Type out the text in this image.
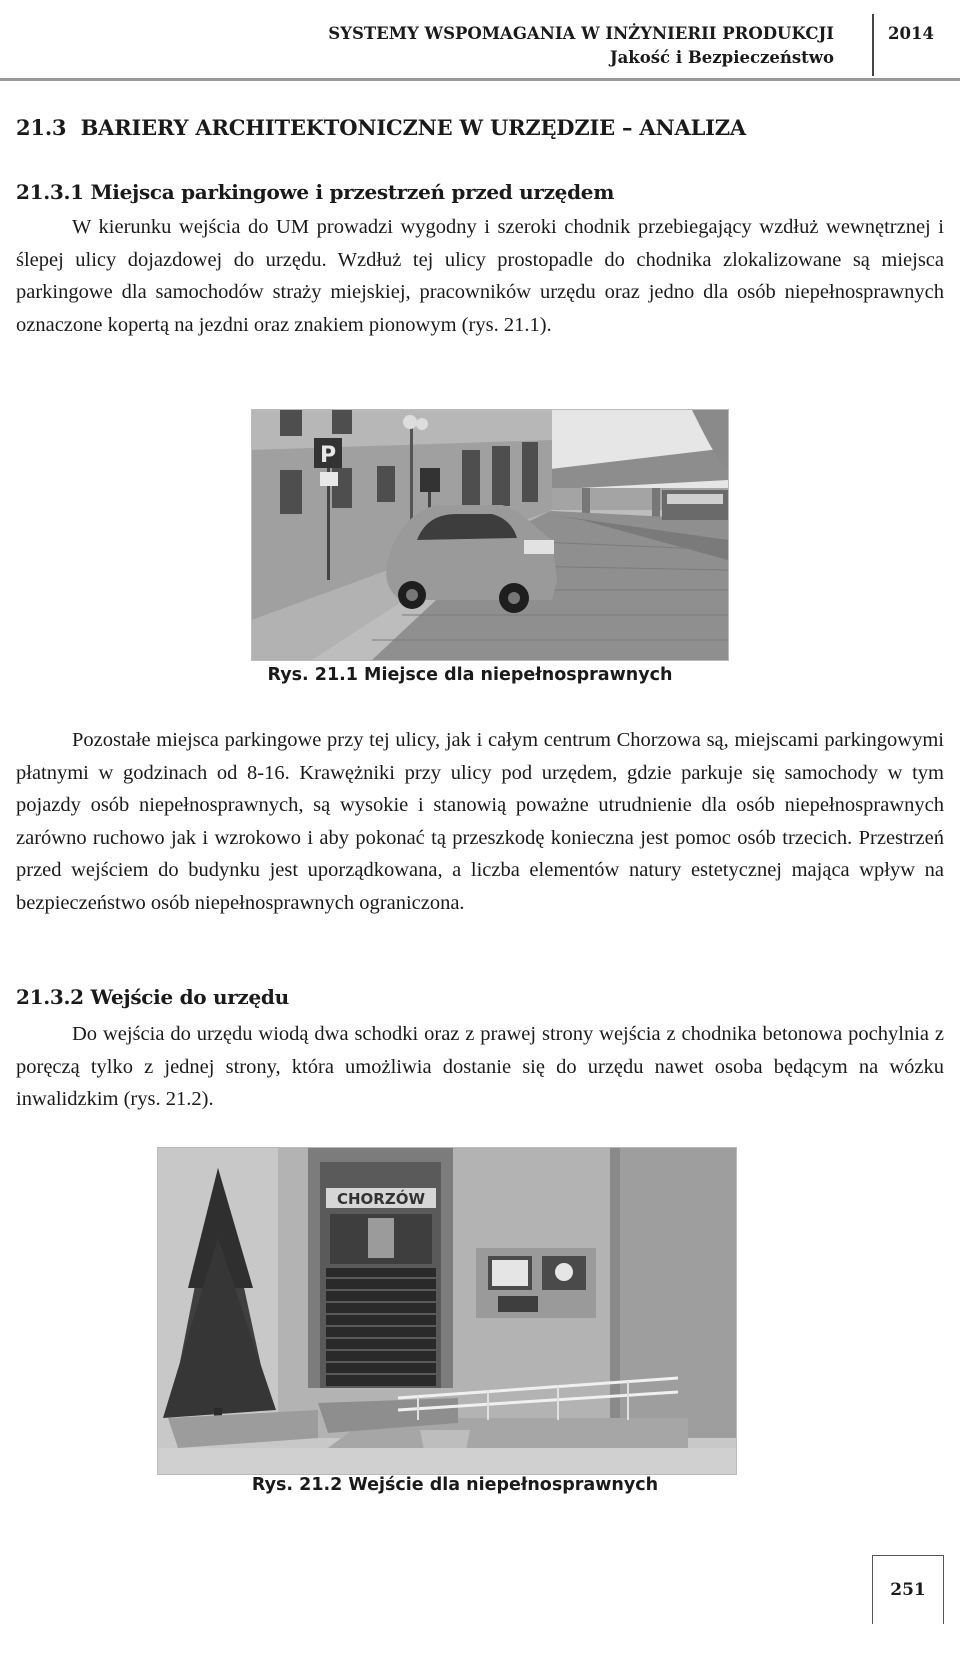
SYSTEMY WSPOMAGANIA W INŻYNIERII PRODUKCJI
Jakość i Bezpieczeństwo
2014
21.3  BARIERY ARCHITEKTONICZNE W URZĘDZIE – ANALIZA
21.3.1 Miejsca parkingowe i przestrzeń przed urzędem

W kierunku wejścia do UM prowadzi wygodny i szeroki chodnik przebiegający wzdłuż wewnętrznej i ślepej ulicy dojazdowej do urzędu. Wzdłuż tej ulicy prostopadle do chodnika zlokalizowane są miejsca parkingowe dla samochodów straży miejskiej, pracowników urzędu oraz jedno dla osób niepełnosprawnych oznaczone kopertą na jezdni oraz znakiem pionowym (rys. 21.1).

P
Rys. 21.1 Miejsce dla niepełnosprawnych

Pozostałe miejsca parkingowe przy tej ulicy, jak i całym centrum Chorzowa są, miejscami parkingowymi płatnymi w godzinach od 8-16. Krawężniki przy ulicy pod urzędem, gdzie parkuje się samochody w tym pojazdy osób niepełnosprawnych, są wysokie i stanowią poważne utrudnienie dla osób niepełnosprawnych zarówno ruchowo jak i wzrokowo i aby pokonać tą przeszkodę konieczna jest pomoc osób trzecich. Przestrzeń przed wejściem do budynku jest uporządkowana, a liczba elementów natury estetycznej mająca wpływ na bezpieczeństwo osób niepełnosprawnych ograniczona.

21.3.2 Wejście do urzędu

Do wejścia do urzędu wiodą dwa schodki oraz z prawej strony wejścia z chodnika betonowa pochylnia z poręczą tylko z jednej strony, która umożliwia dostanie się do urzędu nawet osoba będącym na wózku inwalidzkim (rys. 21.2).

CHORZÓW
Rys. 21.2 Wejście dla niepełnosprawnych
251
